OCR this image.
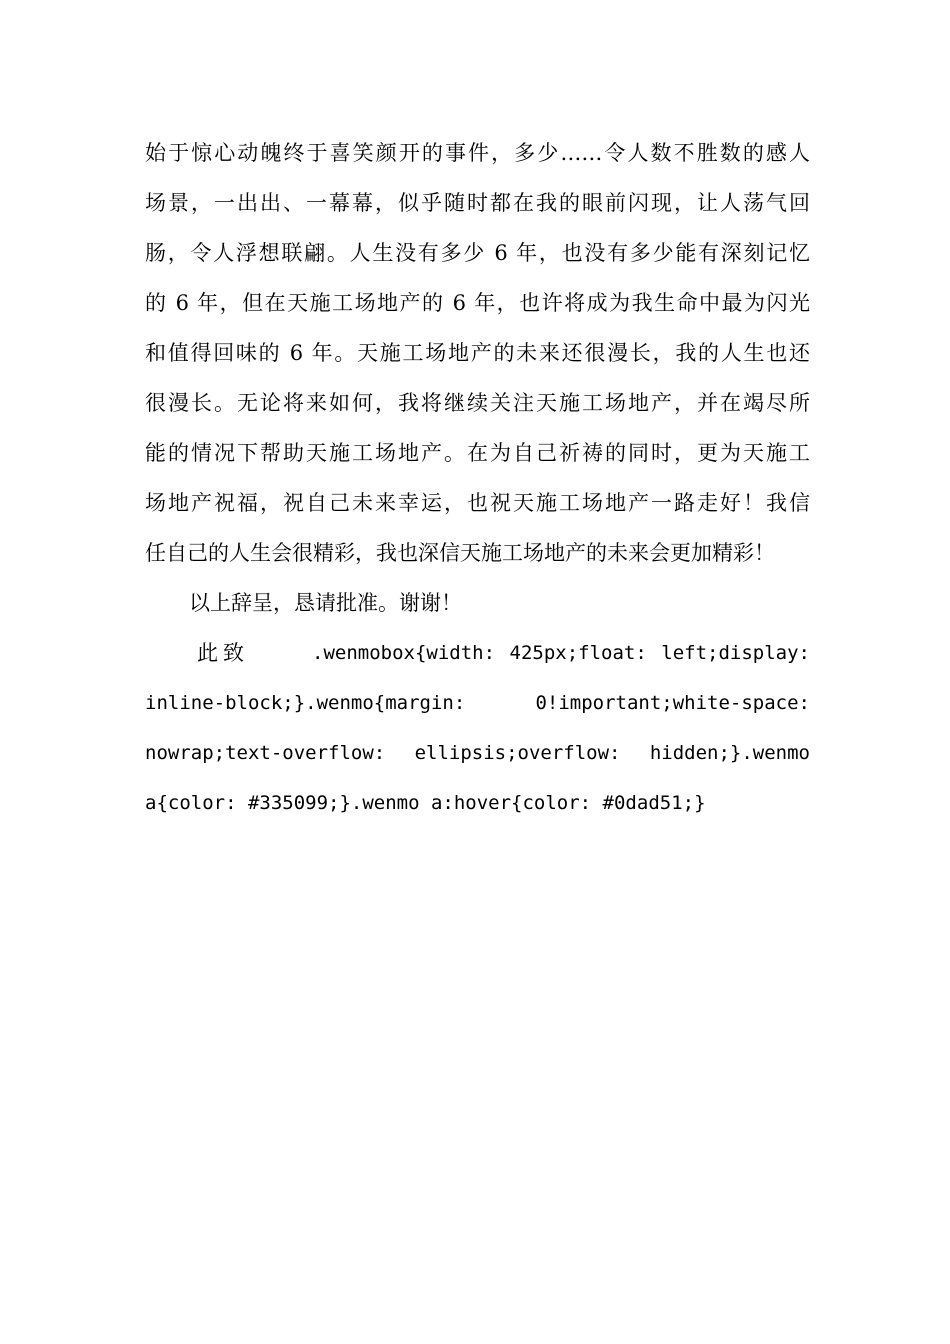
始于惊心动魄终于喜笑颜开的事件，多少……令人数不胜数的感人
场景，一出出、一幕幕，似乎随时都在我的眼前闪现，让人荡气回
肠，令人浮想联翩。人生没有多少 6 年，也没有多少能有深刻记忆
的 6 年，但在天施工场地产的 6 年，也许将成为我生命中最为闪光
和值得回味的 6 年。天施工场地产的未来还很漫长，我的人生也还
很漫长。无论将来如何，我将继续关注天施工场地产，并在竭尽所
能的情况下帮助天施工场地产。在为自己祈祷的同时，更为天施工
场地产祝福，祝自己未来幸运，也祝天施工场地产一路走好！我信
任自己的人生会很精彩，我也深信天施工场地产的未来会更加精彩！
以上辞呈，恳请批准。谢谢！
此致	.wenmobox{width: 425px;float: left;display:
inline-block;}.wenmo{margin: 0!important;white-space:
nowrap;text-overflow: ellipsis;overflow: hidden;}.wenmo
a{color: #335099;}.wenmo a:hover{color: #0dad51;}
